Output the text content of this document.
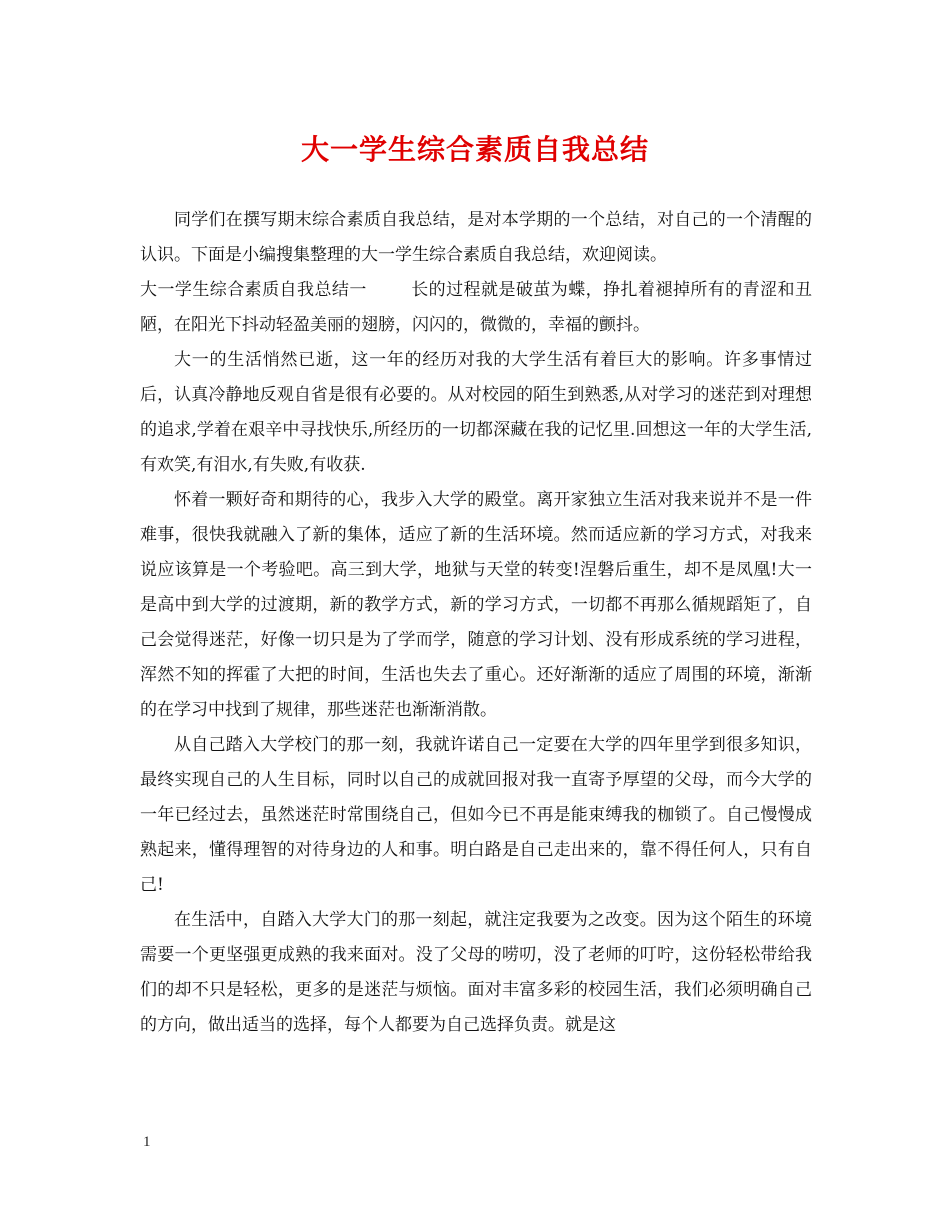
大一学生综合素质自我总结

同学们在撰写期末综合素质自我总结，是对本学期的一个总结，对自己的一个清醒的认识。下面是小编搜集整理的大一学生综合素质自我总结，欢迎阅读。

大一学生综合素质自我总结一	长的过程就是破茧为蝶，挣扎着褪掉所有的青涩和丑陋，在阳光下抖动轻盈美丽的翅膀，闪闪的，微微的，幸福的颤抖。

大一的生活悄然已逝，这一年的经历对我的大学生活有着巨大的影响。许多事情过后，认真冷静地反观自省是很有必要的。从对校园的陌生到熟悉,从对学习的迷茫到对理想的追求,学着在艰辛中寻找快乐,所经历的一切都深藏在我的记忆里.回想这一年的大学生活,有欢笑,有泪水,有失败,有收获.

怀着一颗好奇和期待的心，我步入大学的殿堂。离开家独立生活对我来说并不是一件难事，很快我就融入了新的集体，适应了新的生活环境。然而适应新的学习方式，对我来说应该算是一个考验吧。高三到大学，地狱与天堂的转变!涅磐后重生，却不是凤凰!大一是高中到大学的过渡期，新的教学方式，新的学习方式，一切都不再那么循规蹈矩了，自己会觉得迷茫，好像一切只是为了学而学，随意的学习计划、没有形成系统的学习进程，浑然不知的挥霍了大把的时间，生活也失去了重心。还好渐渐的适应了周围的环境，渐渐的在学习中找到了规律，那些迷茫也渐渐消散。

从自己踏入大学校门的那一刻，我就许诺自己一定要在大学的四年里学到很多知识，最终实现自己的人生目标，同时以自己的成就回报对我一直寄予厚望的父母，而今大学的一年已经过去，虽然迷茫时常围绕自己，但如今已不再是能束缚我的枷锁了。自己慢慢成熟起来，懂得理智的对待身边的人和事。明白路是自己走出来的，靠不得任何人，只有自己!

在生活中，自踏入大学大门的那一刻起，就注定我要为之改变。因为这个陌生的环境需要一个更坚强更成熟的我来面对。没了父母的唠叨，没了老师的叮咛，这份轻松带给我们的却不只是轻松，更多的是迷茫与烦恼。面对丰富多彩的校园生活，我们必须明确自己的方向，做出适当的选择，每个人都要为自己选择负责。就是这

1
